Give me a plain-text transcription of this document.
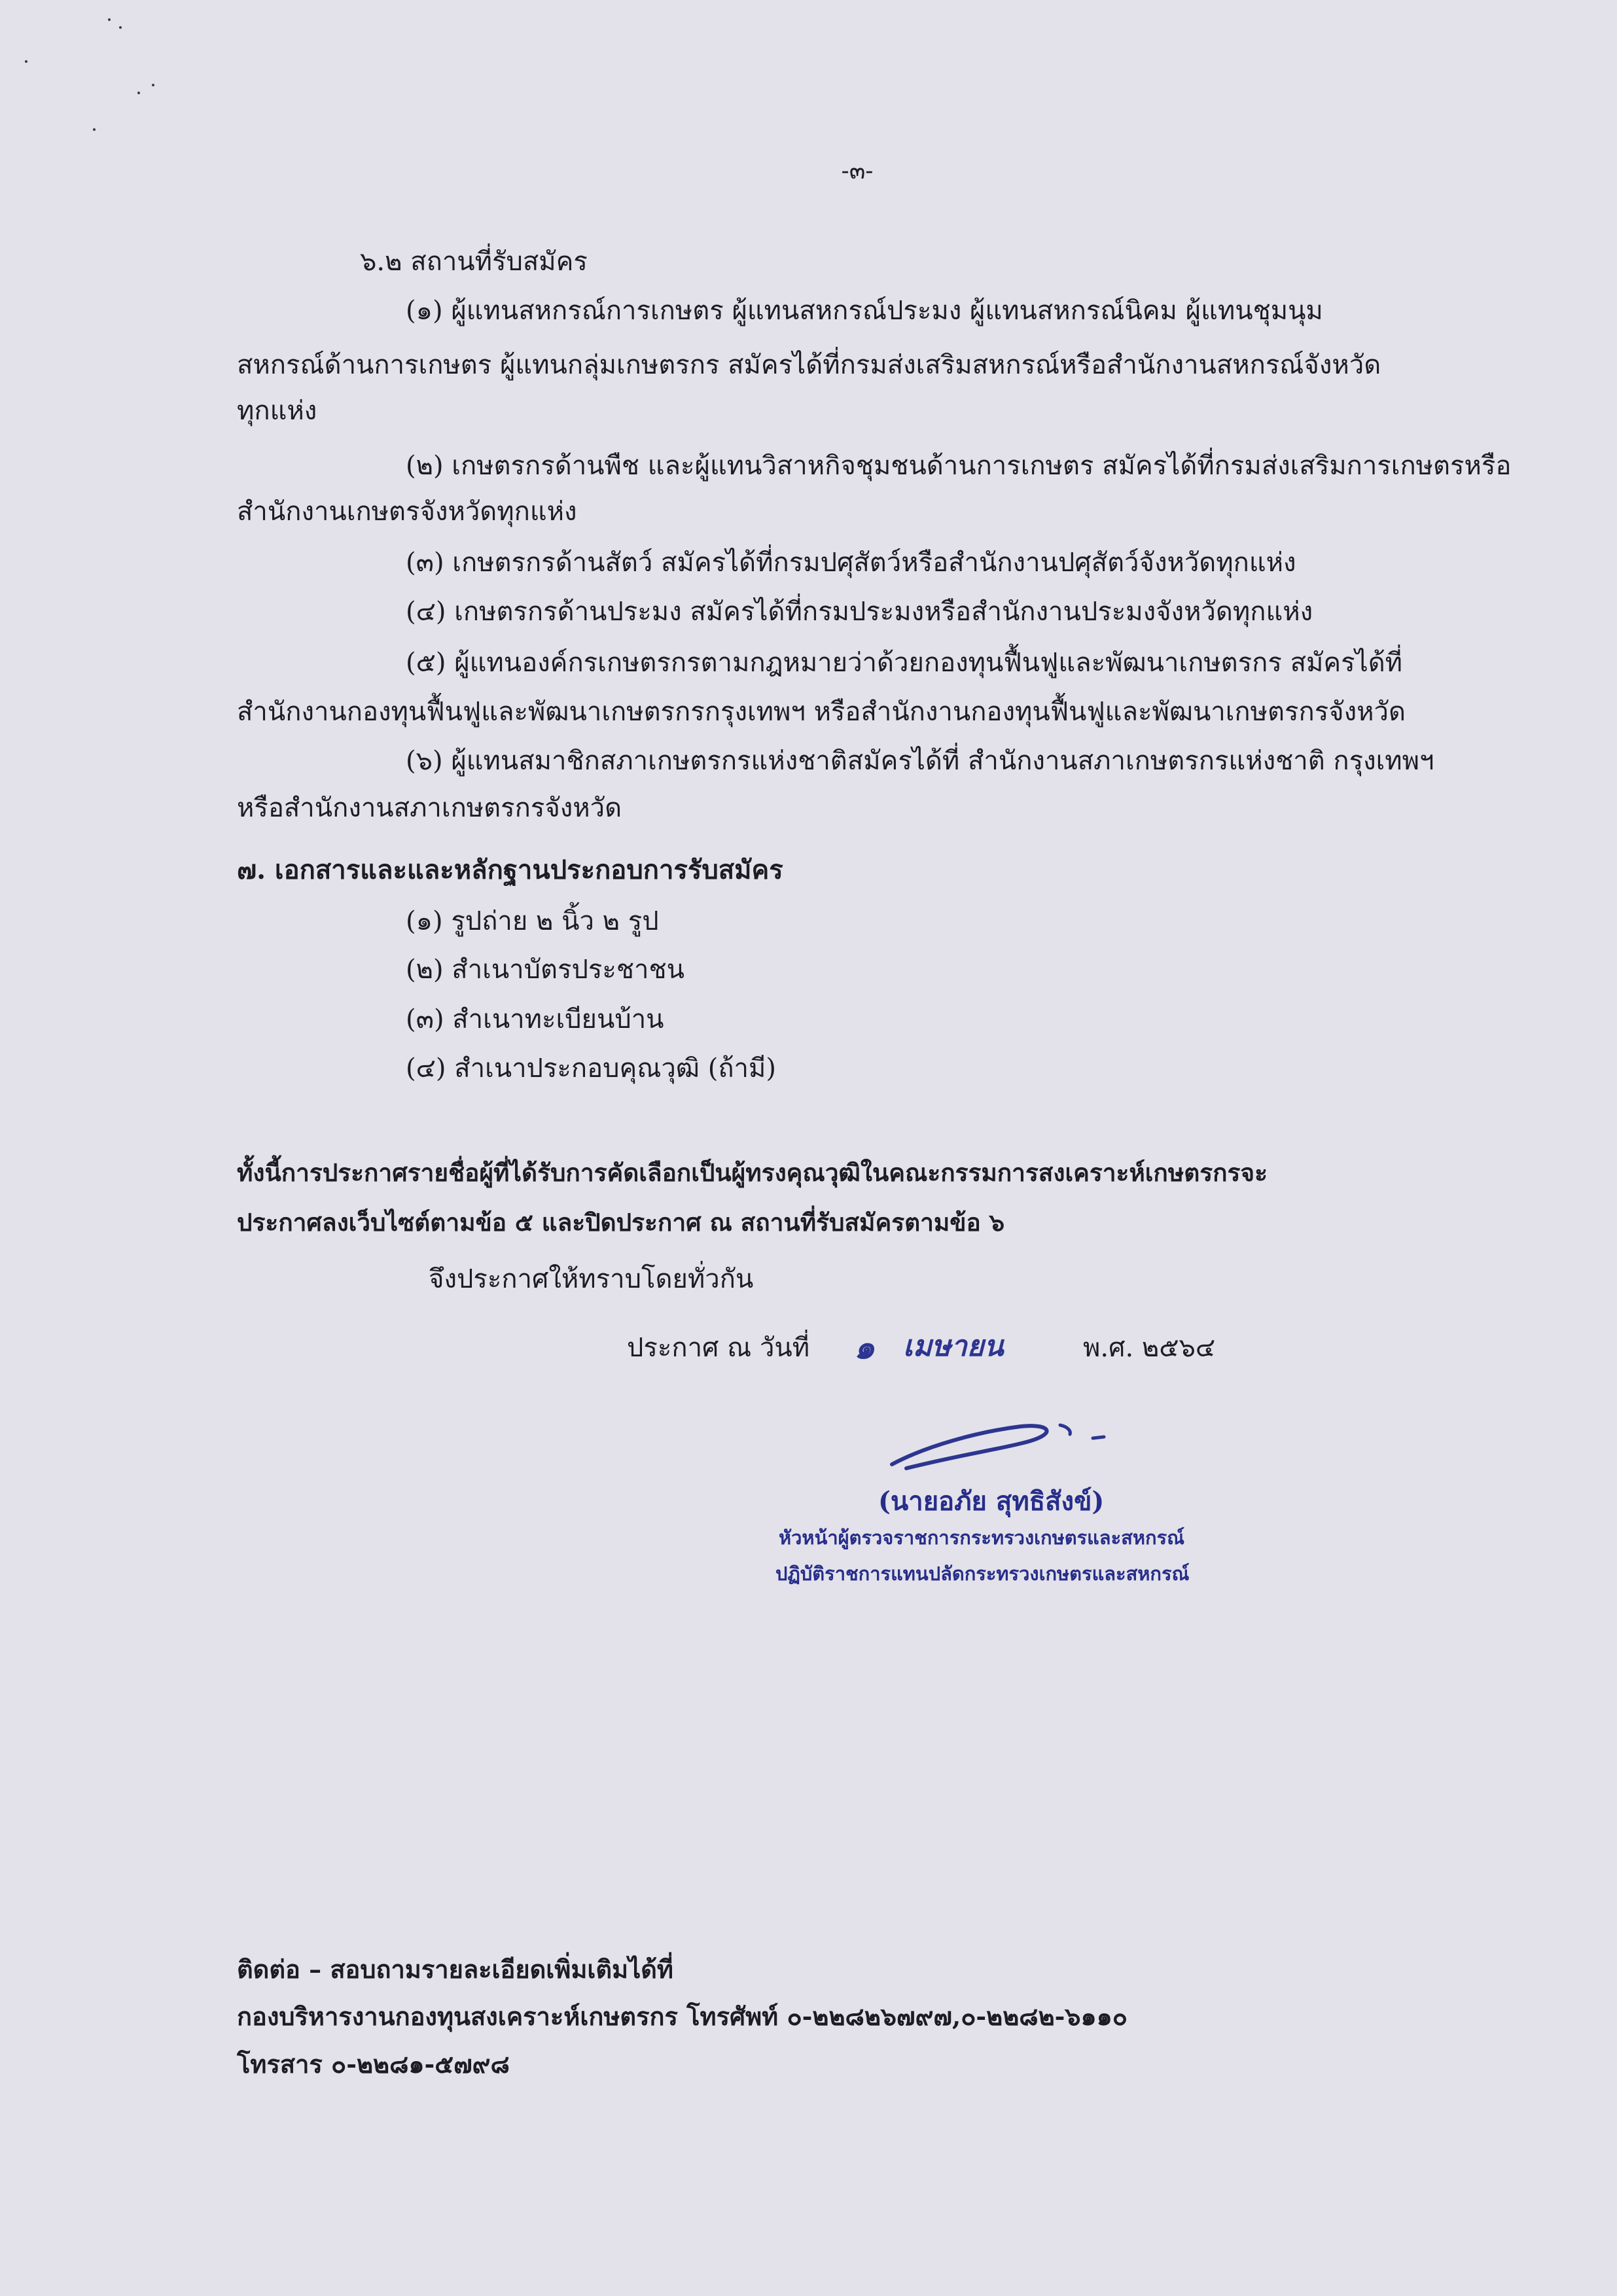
-๓-
๖.๒ สถานที่รับสมัคร
(๑) ผู้แทนสหกรณ์การเกษตร ผู้แทนสหกรณ์ประมง ผู้แทนสหกรณ์นิคม ผู้แทนชุมนุม
สหกรณ์ด้านการเกษตร ผู้แทนกลุ่มเกษตรกร สมัครได้ที่กรมส่งเสริมสหกรณ์หรือสำนักงานสหกรณ์จังหวัด
ทุกแห่ง
(๒) เกษตรกรด้านพืช และผู้แทนวิสาหกิจชุมชนด้านการเกษตร สมัครได้ที่กรมส่งเสริมการเกษตรหรือ
สำนักงานเกษตรจังหวัดทุกแห่ง
(๓) เกษตรกรด้านสัตว์ สมัครได้ที่กรมปศุสัตว์หรือสำนักงานปศุสัตว์จังหวัดทุกแห่ง
(๔) เกษตรกรด้านประมง สมัครได้ที่กรมประมงหรือสำนักงานประมงจังหวัดทุกแห่ง
(๕) ผู้แทนองค์กรเกษตรกรตามกฎหมายว่าด้วยกองทุนฟื้นฟูและพัฒนาเกษตรกร สมัครได้ที่
สำนักงานกองทุนฟื้นฟูและพัฒนาเกษตรกรกรุงเทพฯ หรือสำนักงานกองทุนฟื้นฟูและพัฒนาเกษตรกรจังหวัด
(๖) ผู้แทนสมาชิกสภาเกษตรกรแห่งชาติสมัครได้ที่ สำนักงานสภาเกษตรกรแห่งชาติ กรุงเทพฯ
หรือสำนักงานสภาเกษตรกรจังหวัด
๗. เอกสารและและหลักฐานประกอบการรับสมัคร
(๑) รูปถ่าย ๒ นิ้ว ๒ รูป
(๒) สำเนาบัตรประชาชน
(๓) สำเนาทะเบียนบ้าน
(๔) สำเนาประกอบคุณวุฒิ (ถ้ามี)
ทั้งนี้การประกาศรายชื่อผู้ที่ได้รับการคัดเลือกเป็นผู้ทรงคุณวุฒิในคณะกรรมการสงเคราะห์เกษตรกรจะ
ประกาศลงเว็บไซต์ตามข้อ ๕ และปิดประกาศ ณ สถานที่รับสมัครตามข้อ ๖
จึงประกาศให้ทราบโดยทั่วกัน
ประกาศ ณ วันที่ ๑ เมษายน	พ.ศ. ๒๕๖๔
(นายอภัย สุทธิสังข์)
หัวหน้าผู้ตรวจราชการกระทรวงเกษตรและสหกรณ์
ปฏิบัติราชการแทนปลัดกระทรวงเกษตรและสหกรณ์
ติดต่อ – สอบถามรายละเอียดเพิ่มเติมได้ที่
กองบริหารงานกองทุนสงเคราะห์เกษตรกร โทรศัพท์ ๐-๒๒๘๒๖๗๙๗,๐-๒๒๘๒-๖๑๑๐
โทรสาร ๐-๒๒๘๑-๕๗๙๘
